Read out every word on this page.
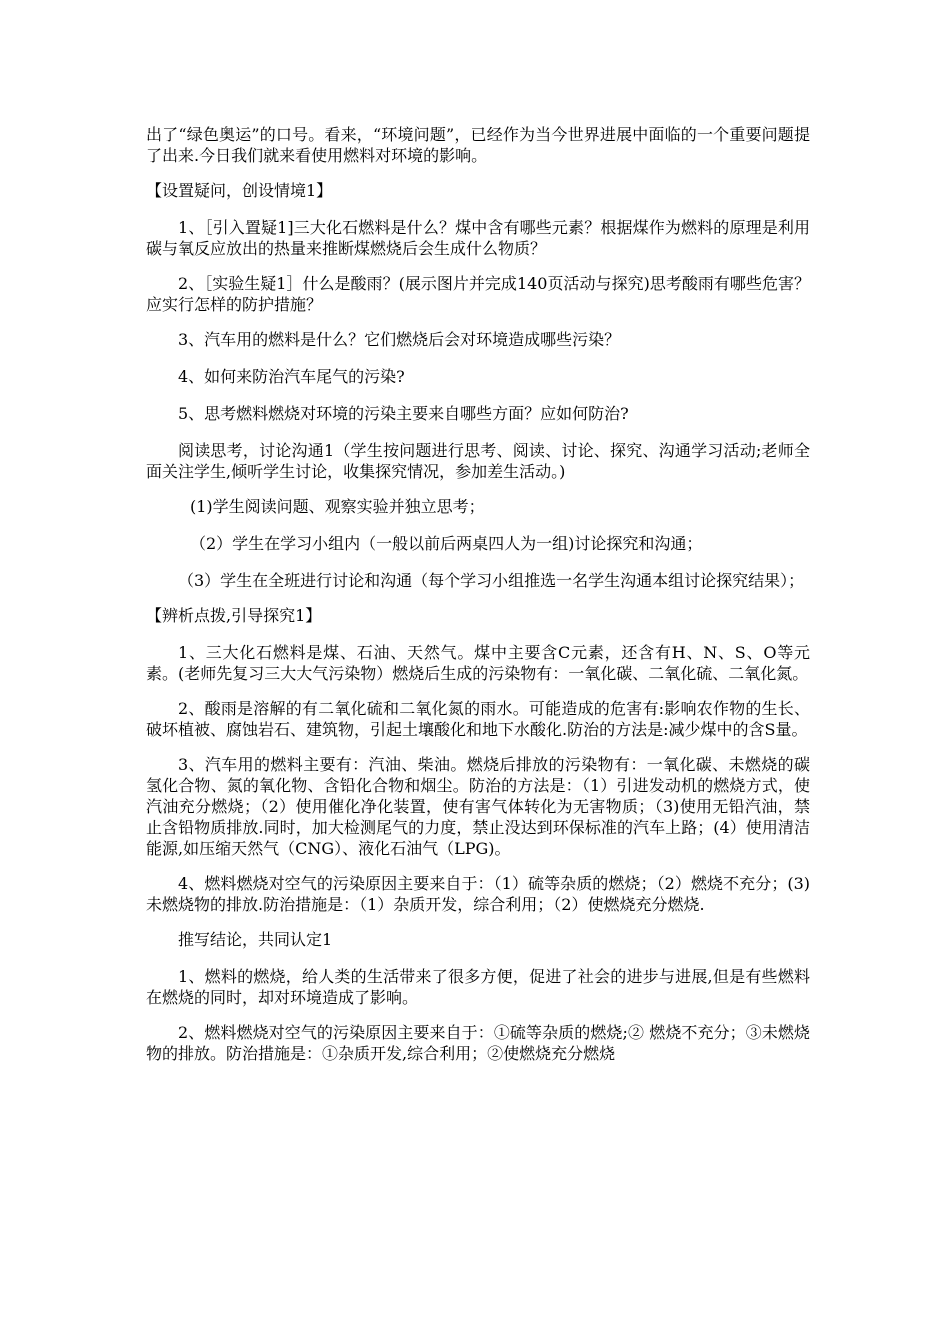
出了“绿色奥运”的口号。看来，“环境问题”，已经作为当今世界进展中面临的一个重要问题提了出来.今日我们就来看使用燃料对环境的影响。

【设置疑问，创设情境1】

1、［引入置疑1]三大化石燃料是什么？煤中含有哪些元素？根据煤作为燃料的原理是利用碳与氧反应放出的热量来推断煤燃烧后会生成什么物质？

2、［实验生疑1］什么是酸雨？(展示图片并完成140页活动与探究)思考酸雨有哪些危害？应实行怎样的防护措施？

3、汽车用的燃料是什么？它们燃烧后会对环境造成哪些污染？

4、如何来防治汽车尾气的污染?

5、思考燃料燃烧对环境的污染主要来自哪些方面？应如何防治?

阅读思考，讨论沟通1（学生按问题进行思考、阅读、讨论、探究、沟通学习活动;老师全面关注学生,倾听学生讨论，收集探究情况，参加差生活动。)

(1)学生阅读问题、观察实验并独立思考；

（2）学生在学习小组内（一般以前后两桌四人为一组)讨论探究和沟通；

（3）学生在全班进行讨论和沟通（每个学习小组推选一名学生沟通本组讨论探究结果）；

【辨析点拨,引导探究1】

1、三大化石燃料是煤、石油、天然气。煤中主要含C元素，还含有H、N、S、O等元素。(老师先复习三大大气污染物）燃烧后生成的污染物有：一氧化碳、二氧化硫、二氧化氮。

2、酸雨是溶解的有二氧化硫和二氧化氮的雨水。可能造成的危害有:影响农作物的生长、破坏植被、腐蚀岩石、建筑物，引起土壤酸化和地下水酸化.防治的方法是:减少煤中的含S量。

3、汽车用的燃料主要有：汽油、柴油。燃烧后排放的污染物有：一氧化碳、未燃烧的碳氢化合物、氮的氧化物、含铅化合物和烟尘。防治的方法是：（1）引进发动机的燃烧方式，使汽油充分燃烧；（2）使用催化净化装置，使有害气体转化为无害物质；（3)使用无铅汽油，禁止含铅物质排放.同时，加大检测尾气的力度，禁止没达到环保标准的汽车上路；(4）使用清洁能源,如压缩天然气（CNG）、液化石油气（LPG)。

4、燃料燃烧对空气的污染原因主要来自于：（1）硫等杂质的燃烧；（2）燃烧不充分；(3)未燃烧物的排放.防治措施是：（1）杂质开发，综合利用；（2）使燃烧充分燃烧.

推写结论，共同认定1

1、燃料的燃烧，给人类的生活带来了很多方便，促进了社会的进步与进展,但是有些燃料在燃烧的同时，却对环境造成了影响。

2、燃料燃烧对空气的污染原因主要来自于：①硫等杂质的燃烧;② 燃烧不充分；③未燃烧物的排放。防治措施是：①杂质开发,综合利用；②使燃烧充分燃烧
